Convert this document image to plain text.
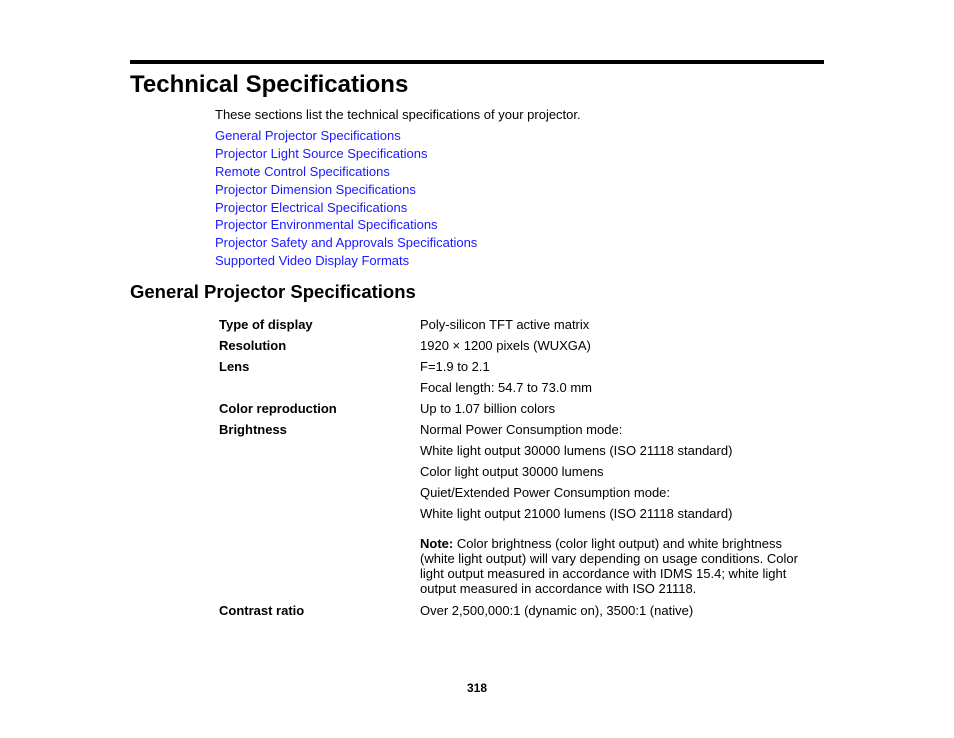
Technical Specifications

These sections list the technical specifications of your projector.

General Projector Specifications
Projector Light Source Specifications
Remote Control Specifications
Projector Dimension Specifications
Projector Electrical Specifications
Projector Environmental Specifications
Projector Safety and Approvals Specifications
Supported Video Display Formats
General Projector Specifications
Type of display	Poly-silicon TFT active matrix
Resolution	1920 × 1200 pixels (WUXGA)
Lens	F=1.9 to 2.1
Focal length: 54.7 to 73.0 mm
Color reproduction	Up to 1.07 billion colors
Brightness	Normal Power Consumption mode:
White light output 30000 lumens (ISO 21118 standard)
Color light output 30000 lumens
Quiet/Extended Power Consumption mode:
White light output 21000 lumens (ISO 21118 standard)
Note: Color brightness (color light output) and white brightness (white light output) will vary depending on usage conditions. Color light output measured in accordance with IDMS 15.4; white light output measured in accordance with ISO 21118.
Contrast ratio	Over 2,500,000:1 (dynamic on), 3500:1 (native)
318
